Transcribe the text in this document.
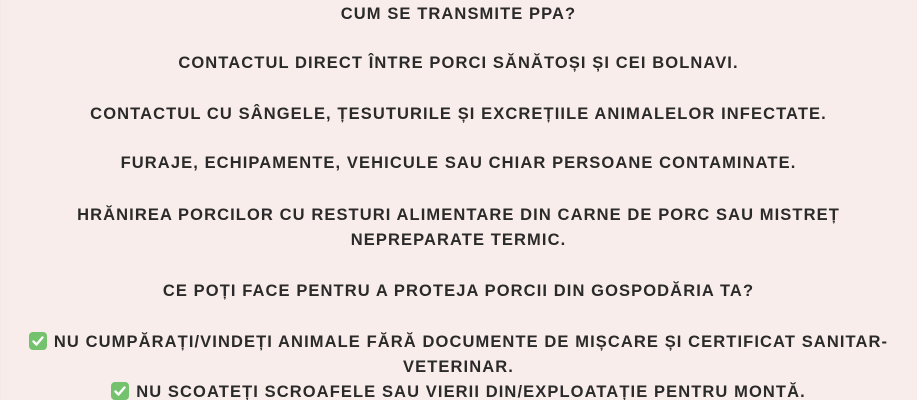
CUM SE TRANSMITE PPA?
CONTACTUL DIRECT ÎNTRE PORCI SĂNĂTOȘI ȘI CEI BOLNAVI.
CONTACTUL CU SÂNGELE, ȚESUTURILE ȘI EXCREȚIILE ANIMALELOR INFECTATE.
FURAJE, ECHIPAMENTE, VEHICULE SAU CHIAR PERSOANE CONTAMINATE.
HRĂNIREA PORCILOR CU RESTURI ALIMENTARE DIN CARNE DE PORC SAU MISTREȚ NEPREPARATE TERMIC.
CE POȚI FACE PENTRU A PROTEJA PORCII DIN GOSPODĂRIA TA?
NU CUMPĂRAȚI/VINDEȚI ANIMALE FĂRĂ DOCUMENTE DE MIȘCARE ȘI CERTIFICAT SANITAR-VETERINAR.
NU SCOATEȚI SCROAFELE SAU VIERII DIN/EXPLOATAȚIE PENTRU MONTĂ.
